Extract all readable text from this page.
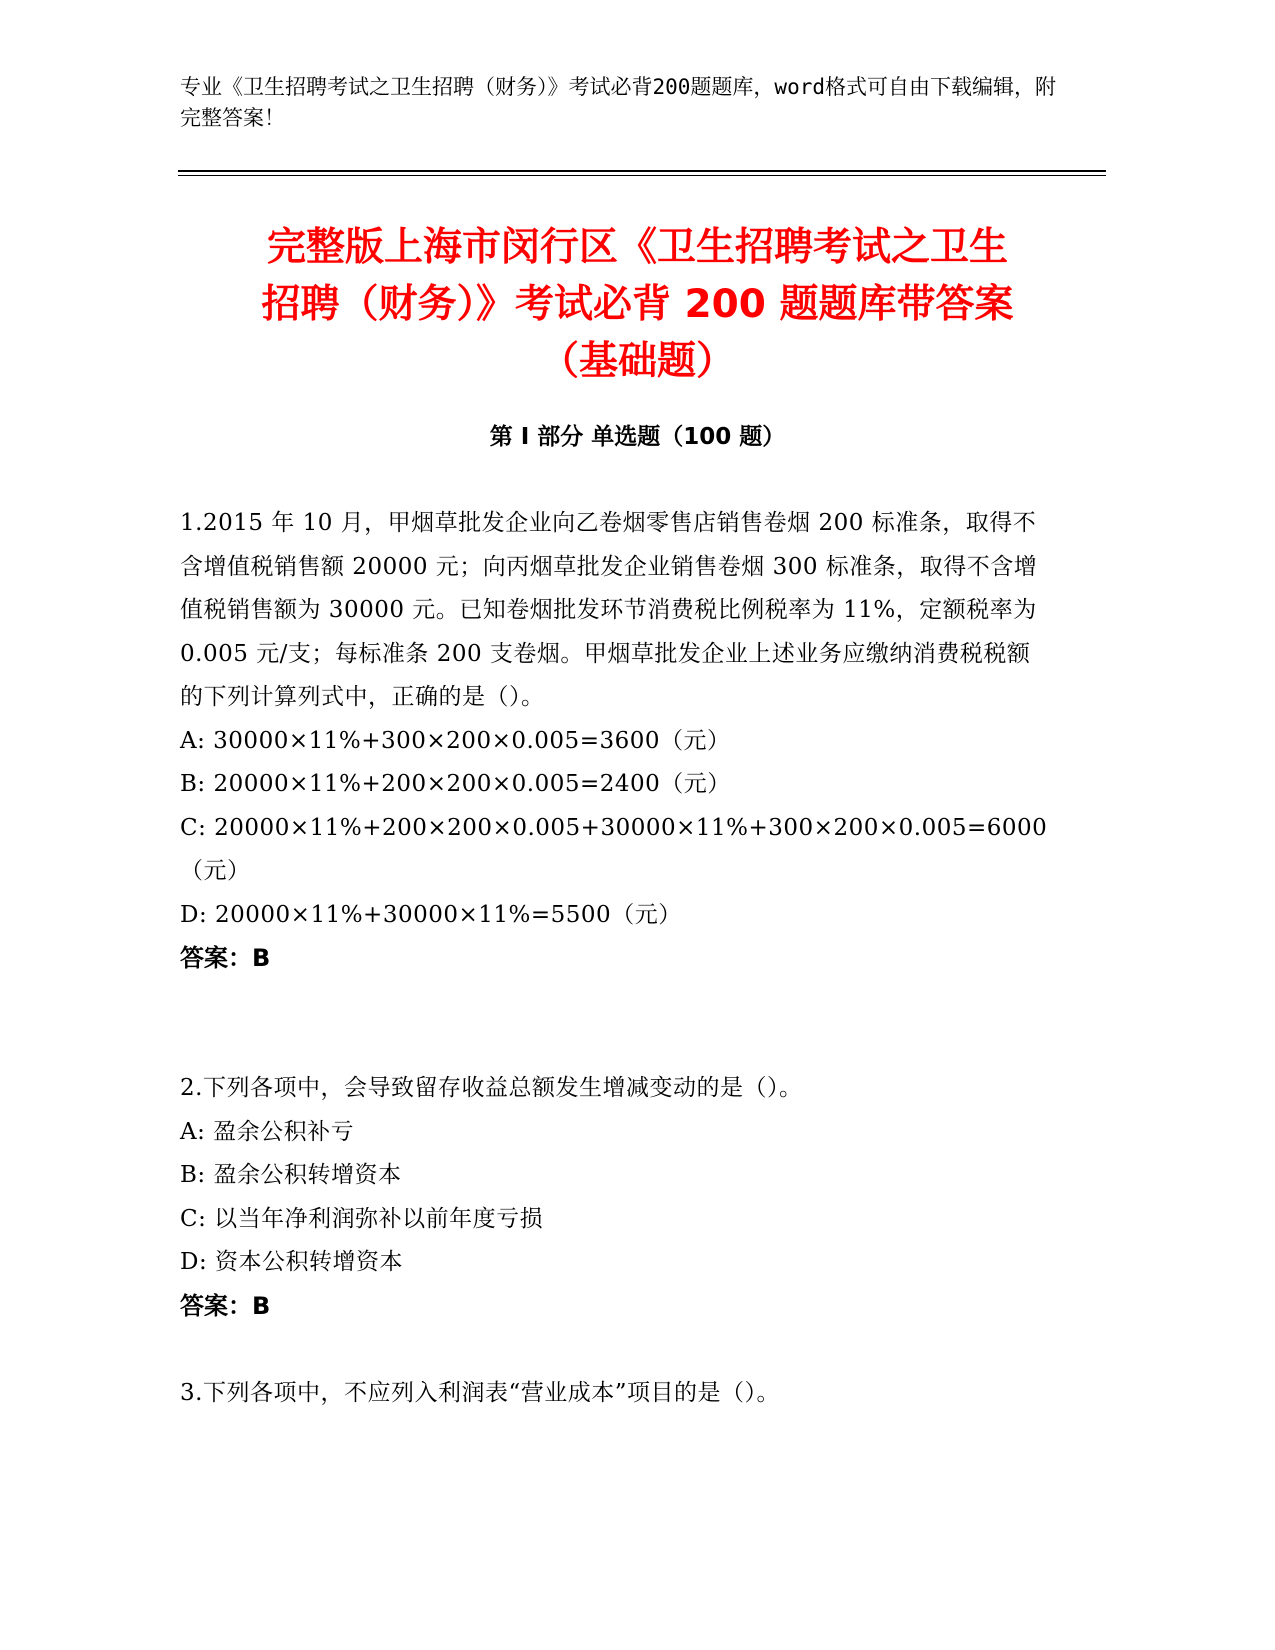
专业《卫生招聘考试之卫生招聘（财务）》考试必背200题题库，word格式可自由下载编辑，附完整答案！
完整版上海市闵行区《卫生招聘考试之卫生
招聘（财务）》考试必背 200 题题库带答案
（基础题）
第 I 部分 单选题（100 题）
1.2015 年 10 月，甲烟草批发企业向乙卷烟零售店销售卷烟 200 标准条，取得不含增值税销售额 20000 元；向丙烟草批发企业销售卷烟 300 标准条，取得不含增值税销售额为 30000 元。已知卷烟批发环节消费税比例税率为 11%，定额税率为 0.005 元/支；每标准条 200 支卷烟。甲烟草批发企业上述业务应缴纳消费税税额的下列计算列式中，正确的是（）。
A: 30000×11%+300×200×0.005=3600（元）
B: 20000×11%+200×200×0.005=2400（元）
C: 20000×11%+200×200×0.005+30000×11%+300×200×0.005=6000（元）
D: 20000×11%+30000×11%=5500（元）
答案：B
2.下列各项中，会导致留存收益总额发生增减变动的是（）。
A: 盈余公积补亏
B: 盈余公积转增资本
C: 以当年净利润弥补以前年度亏损
D: 资本公积转增资本
答案：B
3.下列各项中，不应列入利润表“营业成本”项目的是（）。
